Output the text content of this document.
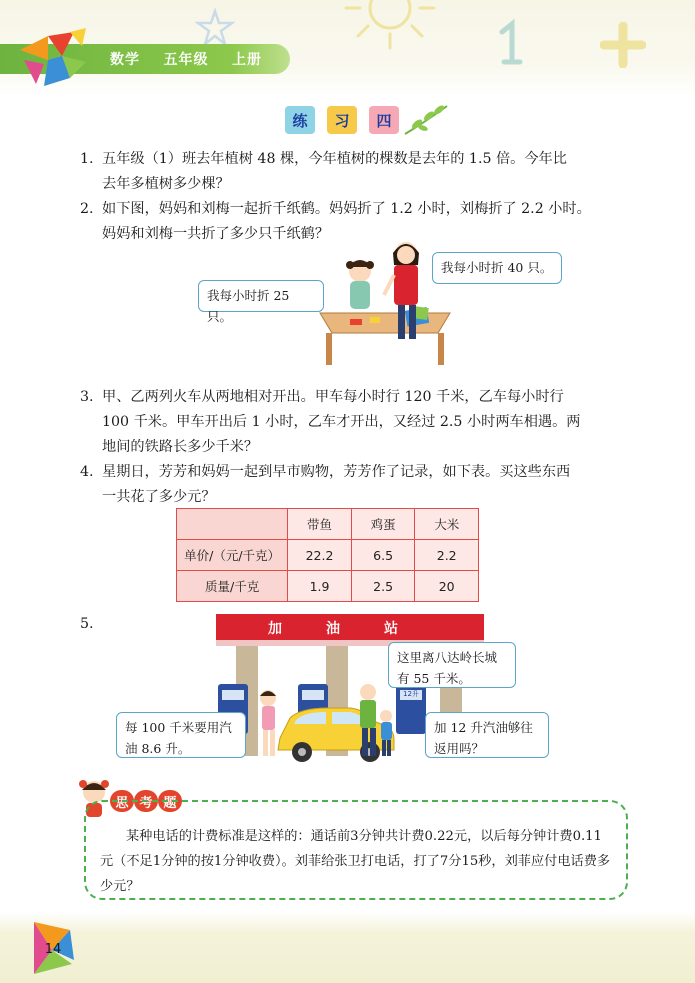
数学    五年级    上册
练	习	四
1. 五年级（1）班去年植树 48 棵，今年植树的棵数是去年的 1.5 倍。今年比
去年多植树多少棵？
2. 如下图，妈妈和刘梅一起折千纸鹤。妈妈折了 1.2 小时，刘梅折了 2.2 小时。
妈妈和刘梅一共折了多少只千纸鹤？
我每小时折 40 只。
我每小时折 25 只。
3. 甲、乙两列火车从两地相对开出。甲车每小时行 120 千米，乙车每小时行
100 千米。甲车开出后 1 小时，乙车才开出，又经过 2.5 小时两车相遇。两
地间的铁路长多少千米？
4. 星期日，芳芳和妈妈一起到早市购物，芳芳作了记录，如下表。买这些东西
一共花了多少元？
	带鱼	鸡蛋	大米
单价/（元/千克）	22.2	6.5	2.2
质量/千克	1.9	2.5	20
5.	加	油	站
12升
这里离八达岭长城有 55 千米。
每 100 千米要用汽油 8.6 升。
加 12 升汽油够往返用吗？
思 考 题
某种电话的计费标准是这样的：通话前3分钟共计费0.22元，以后每分钟计费0.11元（不足1分钟的按1分钟收费）。刘菲给张卫打电话，打了7分15秒，刘菲应付电话费多少元？
14
